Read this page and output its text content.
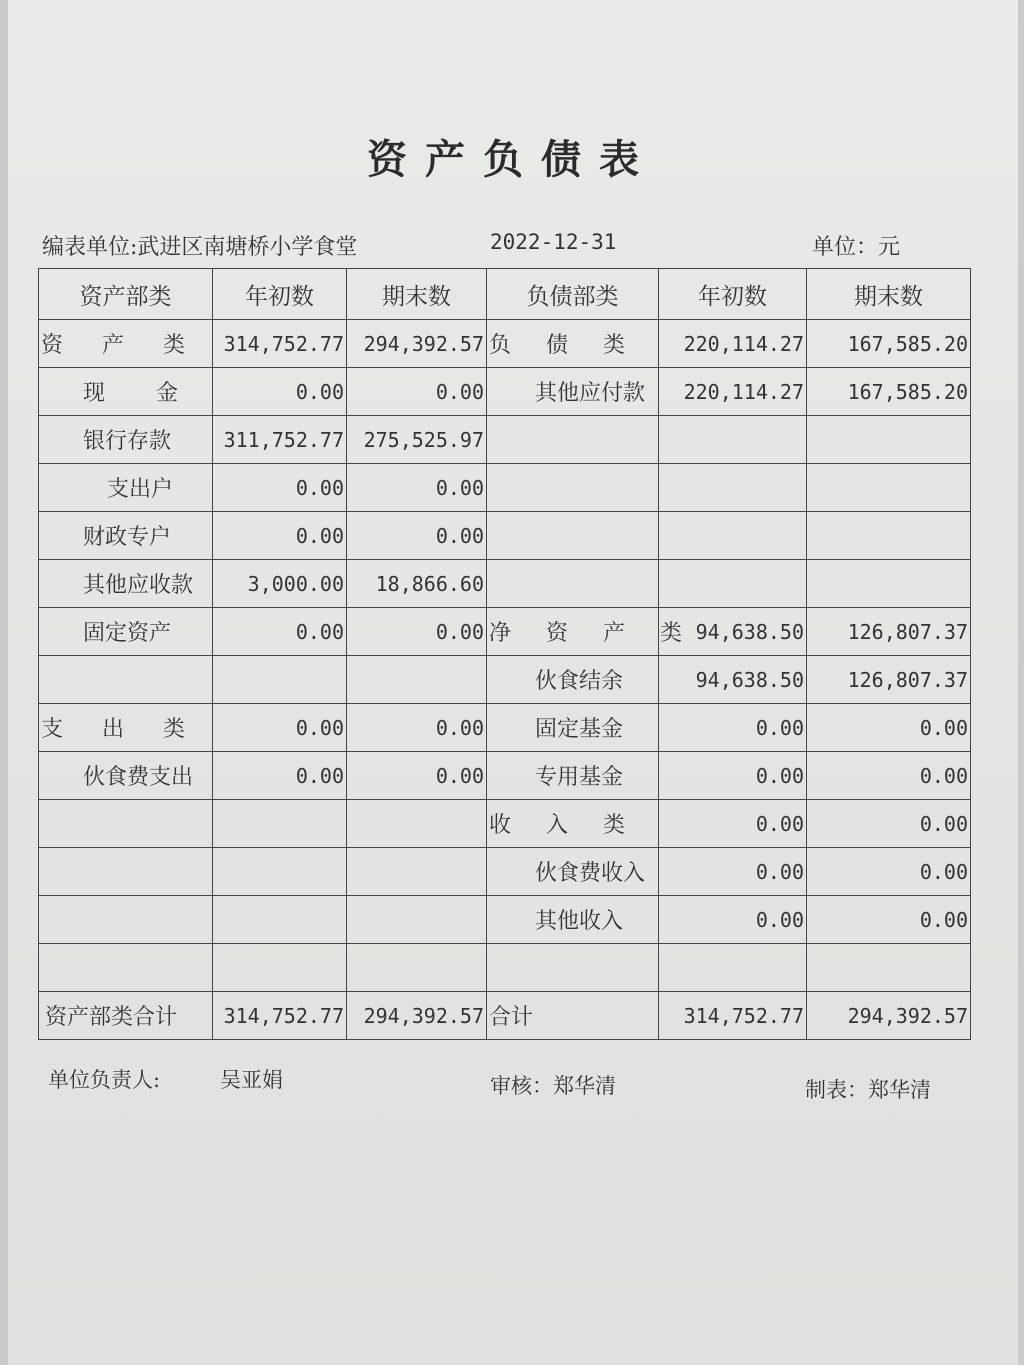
资产负债表
编表单位:武进区南塘桥小学食堂	2022-12-31	单位：元
资产部类	年初数	期末数	负债部类	年初数	期末数
资 产 类	314,752.77	294,392.57	负 债 类	220,114.27	167,585.20
现 金	0.00	0.00	其他应付款	220,114.27	167,585.20
银行存款	311,752.77	275,525.97			
支出户	0.00	0.00			
财政专户	0.00	0.00			
其他应收款	3,000.00	18,866.60			
固定资产	0.00	0.00	净 资 产 类	94,638.50	126,807.37
			伙食结余	94,638.50	126,807.37
支 出 类	0.00	0.00	固定基金	0.00	0.00
伙食费支出	0.00	0.00	专用基金	0.00	0.00
			收 入 类	0.00	0.00
			伙食费收入	0.00	0.00
			其他收入	0.00	0.00

资产部类合计	314,752.77	294,392.57	合计	314,752.77	294,392.57
单位负责人:	吴亚娟	审核：郑华清	制表：郑华清
